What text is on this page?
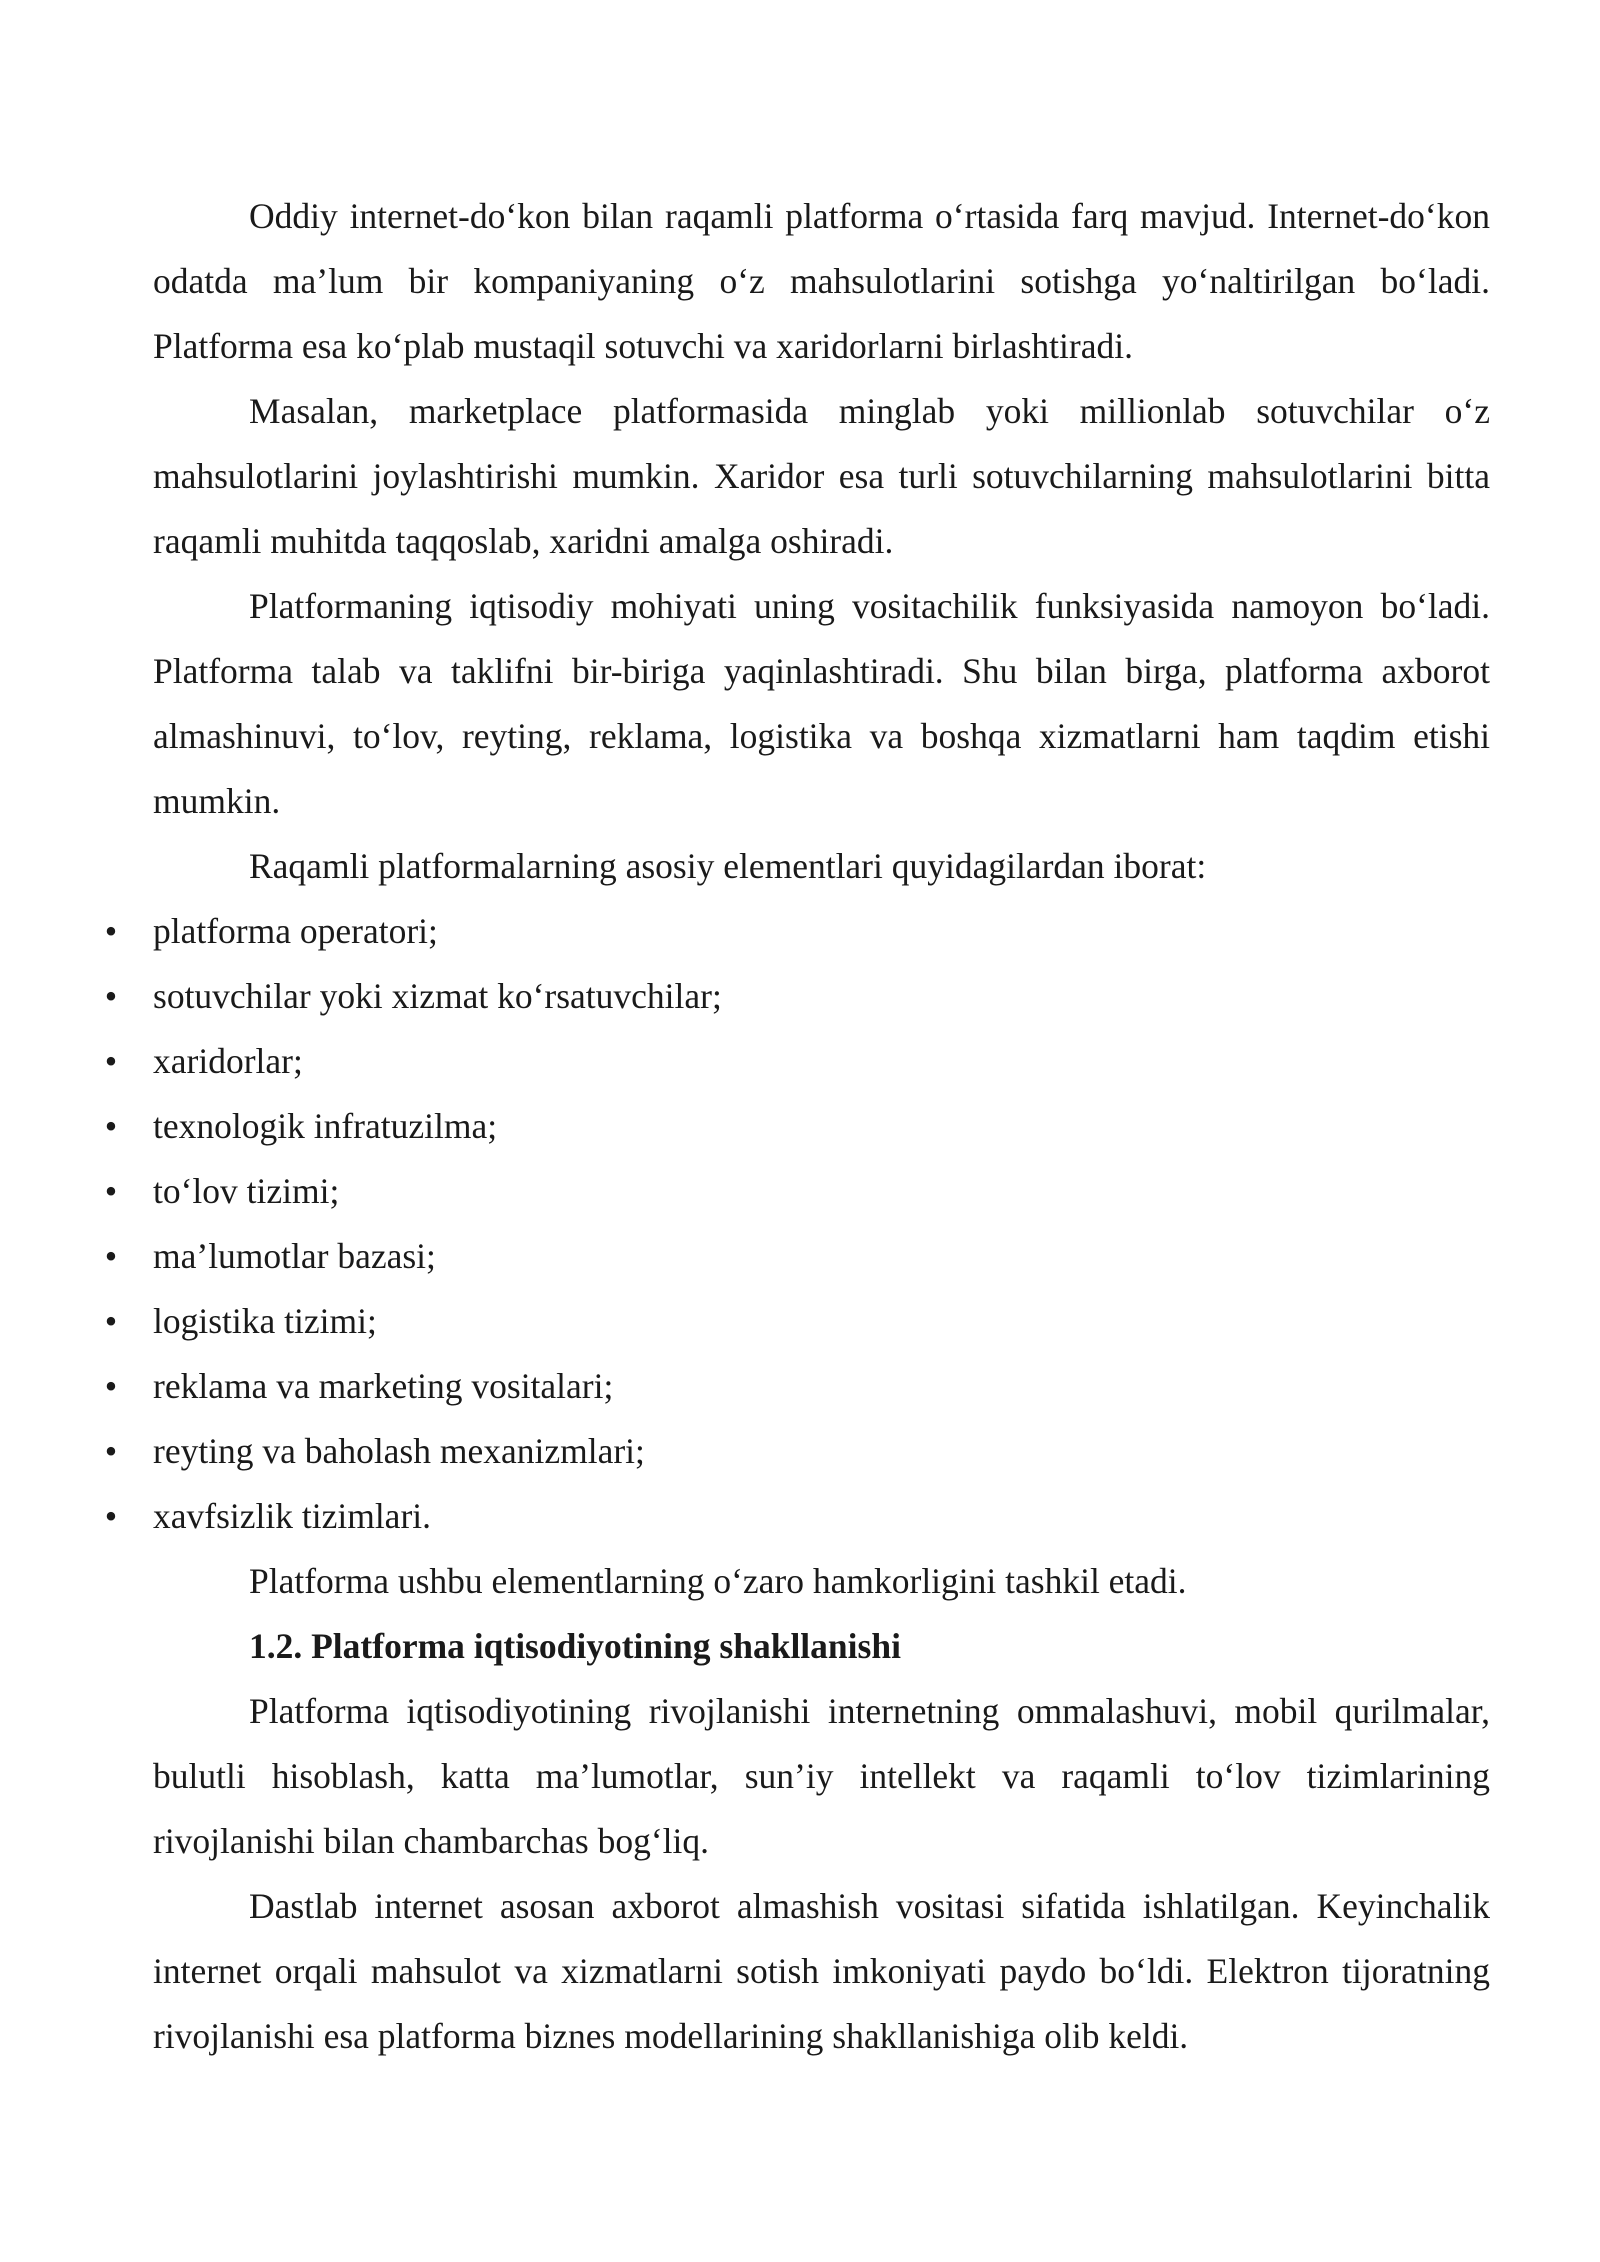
Oddiy internet-do‘kon bilan raqamli platforma o‘rtasida farq mavjud. Internet-do‘kon odatda ma’lum bir kompaniyaning o‘z mahsulotlarini sotishga yo‘naltirilgan bo‘ladi. Platforma esa ko‘plab mustaqil sotuvchi va xaridorlarni birlashtiradi.

Masalan, marketplace platformasida minglab yoki millionlab sotuvchilar o‘z mahsulotlarini joylashtirishi mumkin. Xaridor esa turli sotuvchilarning mahsulotlarini bitta raqamli muhitda taqqoslab, xaridni amalga oshiradi.

Platformaning iqtisodiy mohiyati uning vositachilik funksiyasida namoyon bo‘ladi. Platforma talab va taklifni bir-biriga yaqinlashtiradi. Shu bilan birga, platforma axborot almashinuvi, to‘lov, reyting, reklama, logistika va boshqa xizmatlarni ham taqdim etishi mumkin.

Raqamli platformalarning asosiy elementlari quyidagilardan iborat:

• platforma operatori;
• sotuvchilar yoki xizmat ko‘rsatuvchilar;
• xaridorlar;
• texnologik infratuzilma;
• to‘lov tizimi;
• ma’lumotlar bazasi;
• logistika tizimi;
• reklama va marketing vositalari;
• reyting va baholash mexanizmlari;
• xavfsizlik tizimlari.

Platforma ushbu elementlarning o‘zaro hamkorligini tashkil etadi.

1.2. Platforma iqtisodiyotining shakllanishi

Platforma iqtisodiyotining rivojlanishi internetning ommalashuvi, mobil qurilmalar, bulutli hisoblash, katta ma’lumotlar, sun’iy intellekt va raqamli to‘lov tizimlarining rivojlanishi bilan chambarchas bog‘liq.

Dastlab internet asosan axborot almashish vositasi sifatida ishlatilgan. Keyinchalik internet orqali mahsulot va xizmatlarni sotish imkoniyati paydo bo‘ldi. Elektron tijoratning rivojlanishi esa platforma biznes modellarining shakllanishiga olib keldi.
